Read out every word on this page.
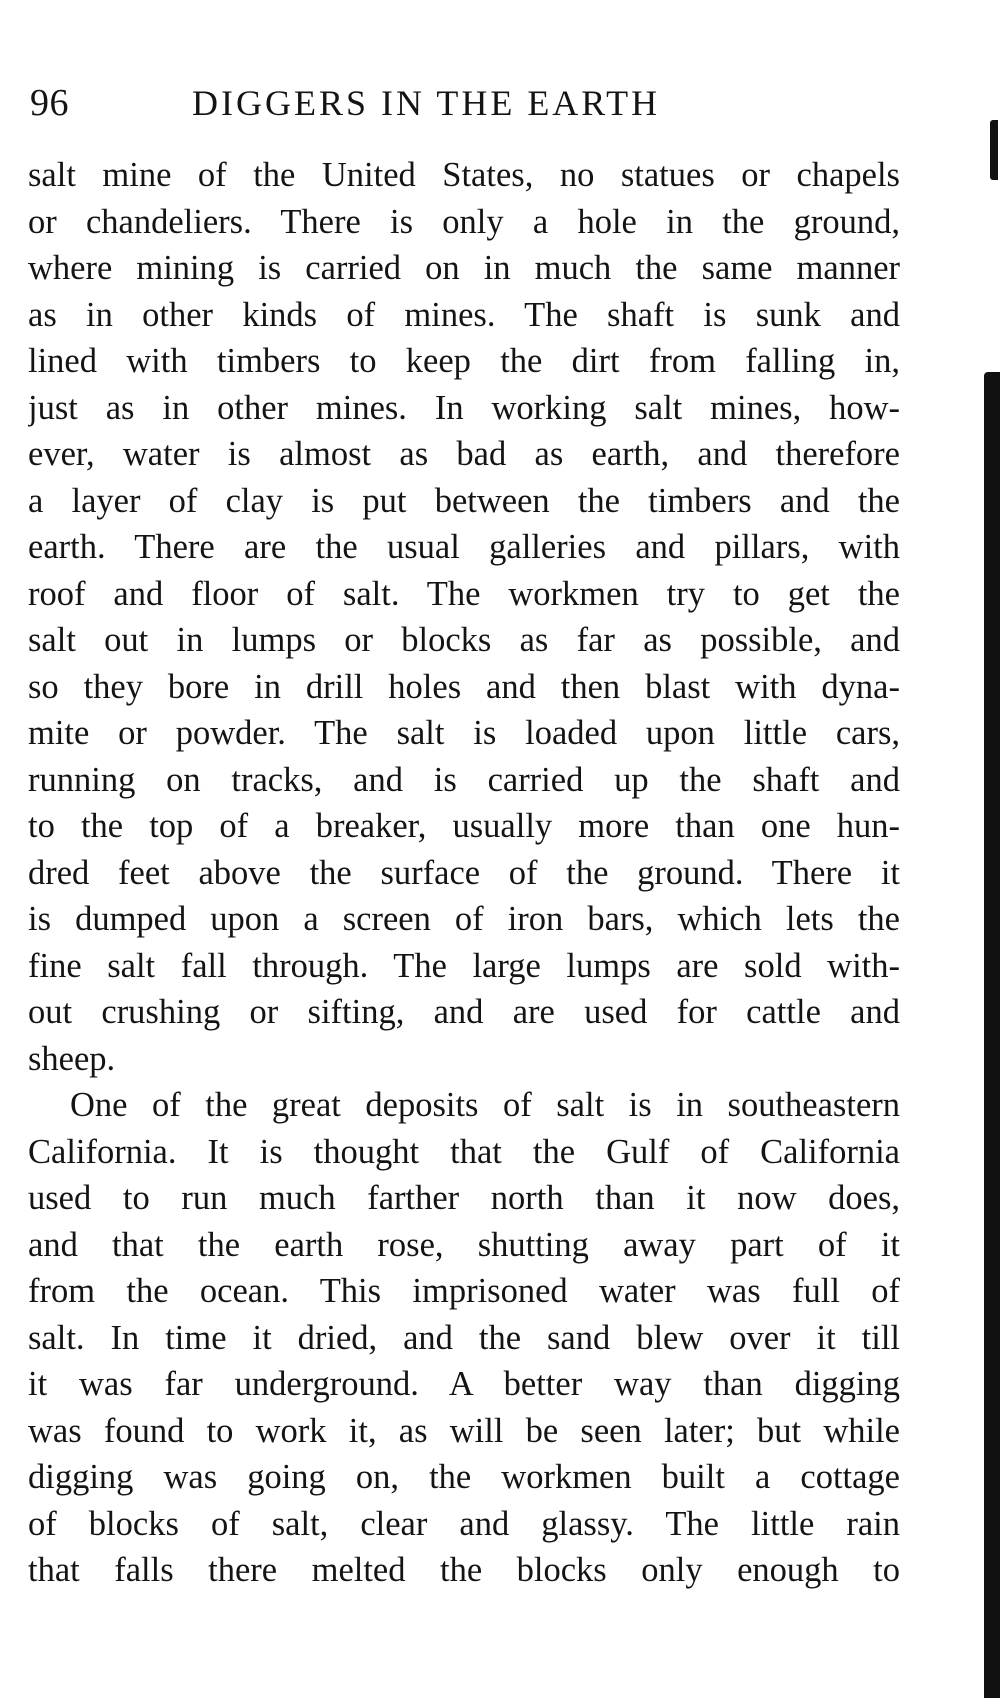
96	DIGGERS IN THE EARTH
salt mine of the United States, no statues or chapels
or chandeliers. There is only a hole in the ground,
where mining is carried on in much the same manner
as in other kinds of mines. The shaft is sunk and
lined with timbers to keep the dirt from falling in,
just as in other mines. In working salt mines, how-
ever, water is almost as bad as earth, and therefore
a layer of clay is put between the timbers and the
earth. There are the usual galleries and pillars, with
roof and floor of salt. The workmen try to get the
salt out in lumps or blocks as far as possible, and
so they bore in drill holes and then blast with dyna-
mite or powder. The salt is loaded upon little cars,
running on tracks, and is carried up the shaft and
to the top of a breaker, usually more than one hun-
dred feet above the surface of the ground. There it
is dumped upon a screen of iron bars, which lets the
fine salt fall through. The large lumps are sold with-
out crushing or sifting, and are used for cattle and
sheep.
One of the great deposits of salt is in southeastern
California. It is thought that the Gulf of California
used to run much farther north than it now does,
and that the earth rose, shutting away part of it
from the ocean. This imprisoned water was full of
salt. In time it dried, and the sand blew over it till
it was far underground. A better way than digging
was found to work it, as will be seen later; but while
digging was going on, the workmen built a cottage
of blocks of salt, clear and glassy. The little rain
that falls there melted the blocks only enough to
